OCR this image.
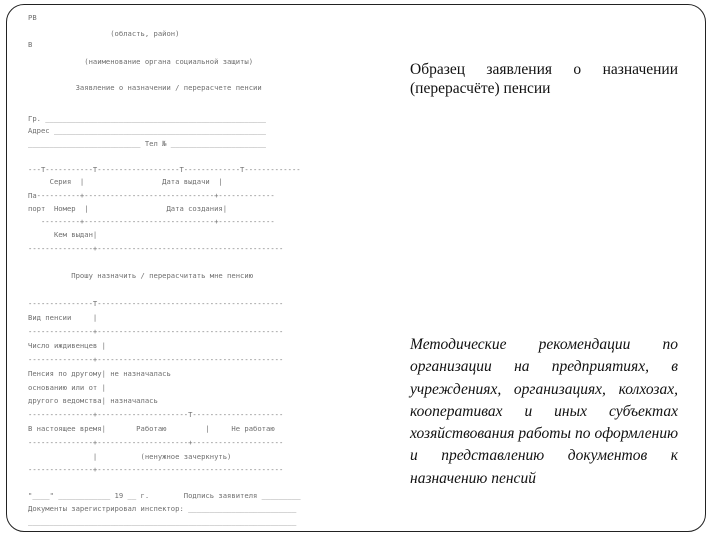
РВ
(область, район)
В
(наименование органа социальной защиты)
Заявление о назначении / перерасчете пенсии
Гр. ___________________________________________________
Адрес _________________________________________________
__________________________ Тел № ______________________
---Т-----------Т-------------------Т-------------Т-------------
Серия  |                  Дата выдачи  |
Па----------+------------------------------+-------------
порт  Номер  |                  Дата создания|
---------+------------------------------+-------------
Кем выдан|
---------------+-------------------------------------------
Прошу назначить / перерасчитать мне пенсию
---------------Т-------------------------------------------
Вид пенсии     |
---------------+-------------------------------------------
Число иждивенцев |
---------------+-------------------------------------------
Пенсия по другому| не назначалась
основанию или от |
другого ведомства| назначалась
---------------+---------------------Т---------------------
В настоящее время|       Работаю         |     Не работаю
---------------+---------------------+---------------------
|          (ненужное зачеркнуть)
---------------+-------------------------------------------
"____" ____________ 19 __ г.        Подпись заявителя _________
Документы зарегистрировал инспектор: _________________________
______________________________________________________________
Образец заявления о назначении (перерасчёте) пенсии
Методические рекомендации по организации на предприятиях, в учреждениях, организациях, колхозах, кооперативах и иных субъектах хозяйствования работы по оформлению и представлению документов к назначению пенсий
